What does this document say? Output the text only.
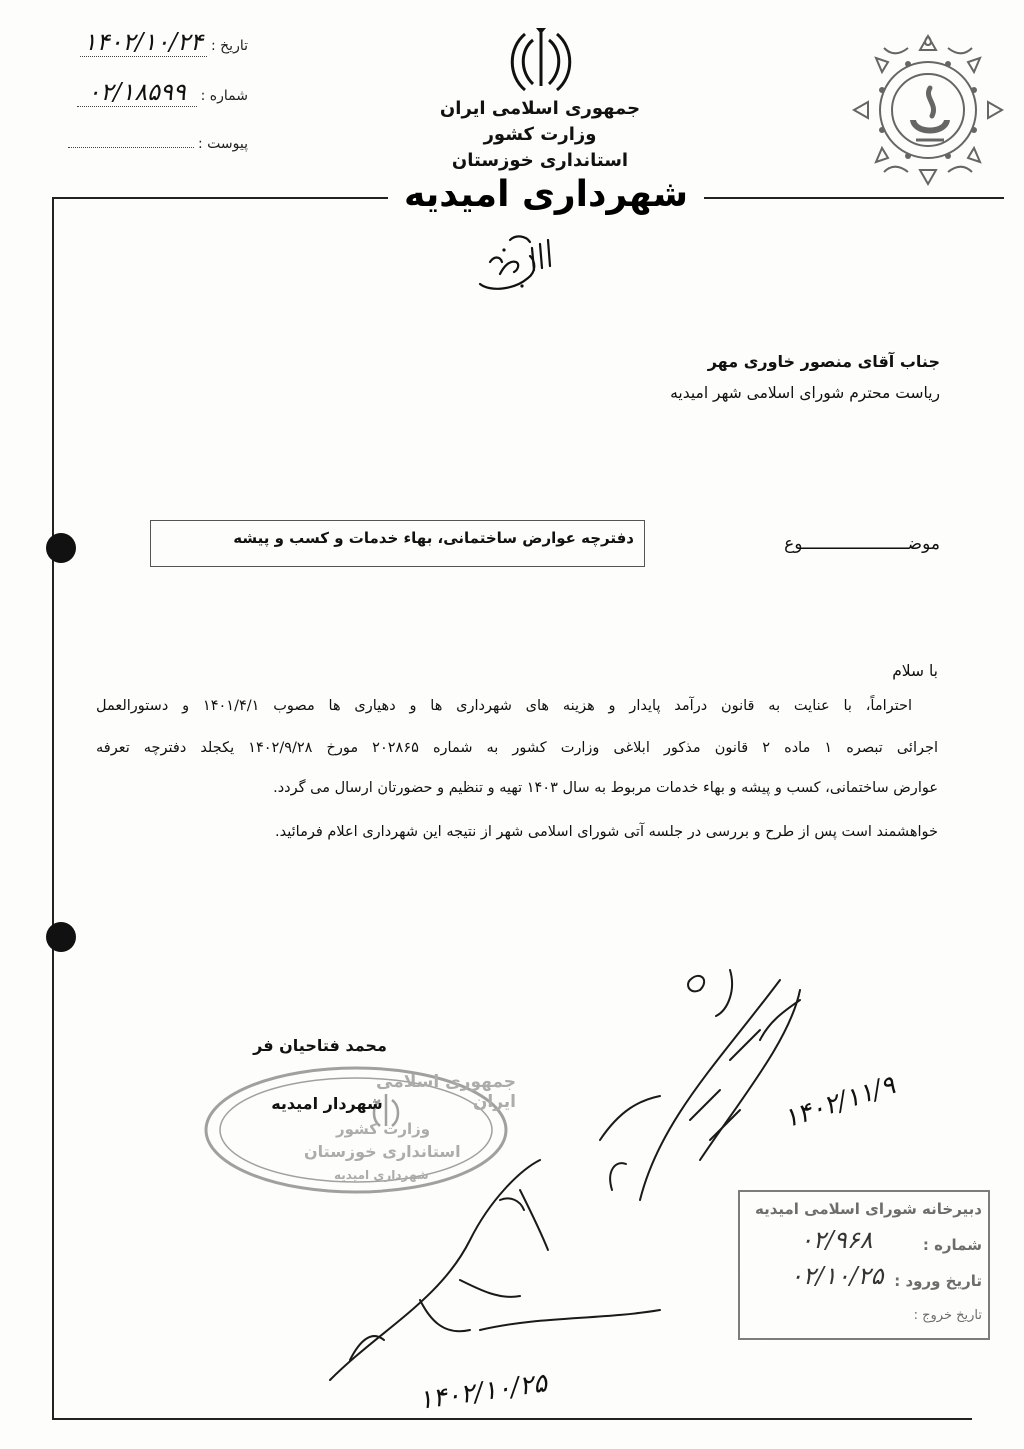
تاریخ :
۱۴۰۲/۱۰/۲۴
شماره :
۰۲/۱۸۵۹۹
پیوست :
جمهوری اسلامی ایران
وزارت کشور
استانداری خوزستان
شهرداری امیدیه
جناب آقای منصور خاوری مهر
ریاست محترم شورای اسلامی شهر امیدیه
موضـــــــــــــــــــــوع
دفترچه عوارض ساختمانی، بهاء خدمات و کسب و پیشه
با سلام
احتراماً، با عنایت به قانون درآمد پایدار و هزینه های شهرداری ها و دهیاری ها مصوب ۱۴۰۱/۴/۱ و دستورالعمل
اجرائی تبصره ۱ ماده ۲ قانون مذکور ابلاغی وزارت کشور به شماره ۲۰۲۸۶۵ مورخ ۱۴۰۲/۹/۲۸ یکجلد دفترچه تعرفه
عوارض ساختمانی، کسب و پیشه و بهاء خدمات مربوط به سال ۱۴۰۳ تهیه و تنظیم و حضورتان ارسال می گردد.
خواهشمند است پس از طرح و بررسی در جلسه آتی شورای اسلامی شهر از نتیجه این شهرداری اعلام فرمائید.
جمهوری اسلامی ایران
وزارت کشور
استانداری خوزستان
شهرداری امیدیه
محمد فتاحیان فر
شهردار امیدیه
دبیرخانه شورای اسلامی امیدیه
شماره :
۰۲/۹۶۸
تاریخ ورود :
۰۲/۱۰/۲۵
تاریخ خروج :
۱۴۰۲/۱۱/۹
۱۴۰۲/۱۰/۲۵
